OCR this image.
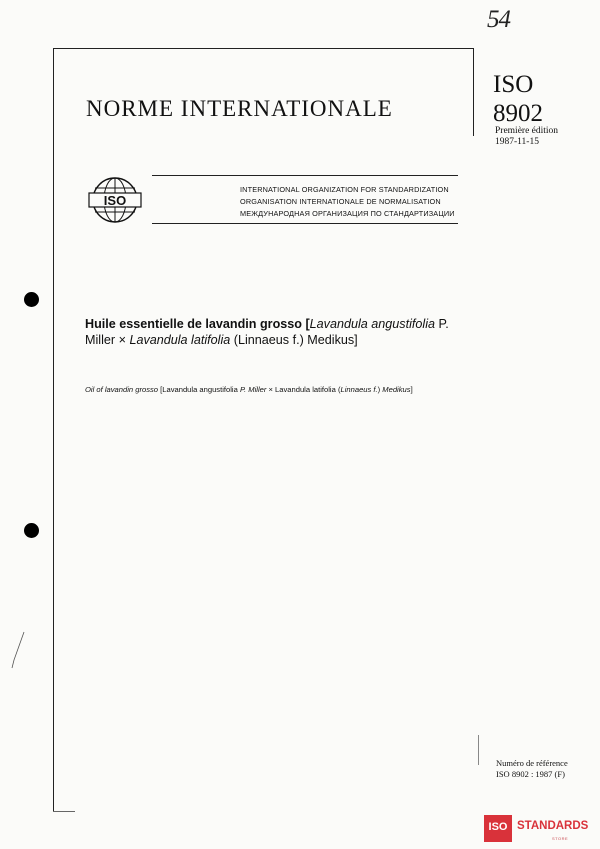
54
NORME INTERNATIONALE
ISO
8902
Première édition
1987-11-15
ISO
INTERNATIONAL ORGANIZATION FOR STANDARDIZATION
ORGANISATION INTERNATIONALE DE NORMALISATION
МЕЖДУНАРОДНАЯ ОРГАНИЗАЦИЯ ПО СТАНДАРТИЗАЦИИ
Huile essentielle de lavandin grosso [Lavandula angustifolia P. Miller × Lavandula latifolia (Linnaeus f.) Medikus]
Oil of lavandin grosso [Lavandula angustifolia P. Miller × Lavandula latifolia (Linnaeus f.) Medikus]
Numéro de référence
ISO 8902 : 1987 (F)
ISO STANDARDS
STORE
